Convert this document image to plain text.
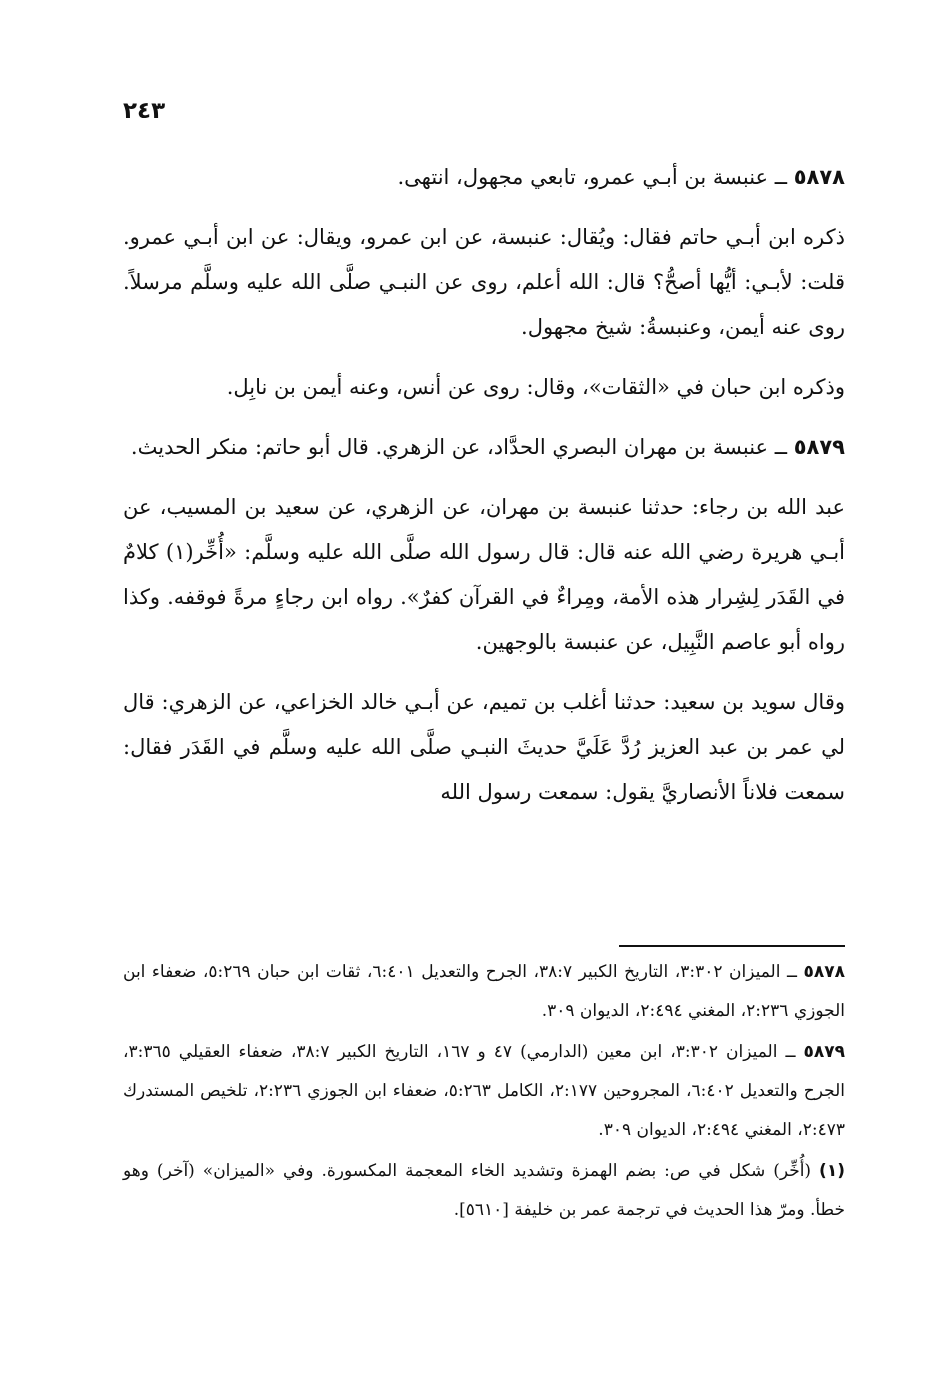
٢٤٣

٥٨٧٨ ــ عنبسة بن أبـي عمرو، تابعي مجهول، انتهى.

ذكره ابن أبـي حاتم فقال: ويُقال: عنبسة، عن ابن عمرو، ويقال: عن ابن أبـي عمرو. قلت: لأبـي: أيُّها أصحُّ؟ قال: الله أعلم، روى عن النبـي صلَّى الله عليه وسلَّم مرسلاً. روى عنه أيمن، وعنبسةُ: شيخ مجهول.

وذكره ابن حبان في «الثقات»، وقال: روى عن أنس، وعنه أيمن بن نابِل.

٥٨٧٩ ــ عنبسة بن مهران البصري الحدَّاد، عن الزهري. قال أبو حاتم: منكر الحديث.

عبد الله بن رجاء: حدثنا عنبسة بن مهران، عن الزهري، عن سعيد بن المسيب، عن أبـي هريرة رضي الله عنه قال: قال رسول الله صلَّى الله عليه وسلَّم: «أُخِّر(١) كلامٌ في القَدَر لِشِرار هذه الأمة، ومِراءٌ في القرآن كفرٌ». رواه ابن رجاءٍ مرةً فوقفه. وكذا رواه أبو عاصم النَّبِيل، عن عنبسة بالوجهين.

وقال سويد بن سعيد: حدثنا أغلب بن تميم، عن أبـي خالد الخزاعي، عن الزهري: قال لي عمر بن عبد العزيز رُدَّ عَلَيَّ حديثَ النبـي صلَّى الله عليه وسلَّم في القَدَر فقال: سمعت فلاناً الأنصاريَّ يقول: سمعت رسول الله

٥٨٧٨ ــ الميزان ٣:٣٠٢، التاريخ الكبير ٣٨:٧، الجرح والتعديل ٦:٤٠١، ثقات ابن حبان ٥:٢٦٩، ضعفاء ابن الجوزي ٢:٢٣٦، المغني ٢:٤٩٤، الديوان ٣٠٩.

٥٨٧٩ ــ الميزان ٣:٣٠٢، ابن معين (الدارمي) ٤٧ و ١٦٧، التاريخ الكبير ٣٨:٧، ضعفاء العقيلي ٣:٣٦٥، الجرح والتعديل ٦:٤٠٢، المجروحين ٢:١٧٧، الكامل ٥:٢٦٣، ضعفاء ابن الجوزي ٢:٢٣٦، تلخيص المستدرك ٢:٤٧٣، المغني ٢:٤٩٤، الديوان ٣٠٩.

(١) (أُخِّر) شكل في ص: بضم الهمزة وتشديد الخاء المعجمة المكسورة. وفي «الميزان» (آخر) وهو خطأ. ومرّ هذا الحديث في ترجمة عمر بن خليفة [٥٦١٠].
